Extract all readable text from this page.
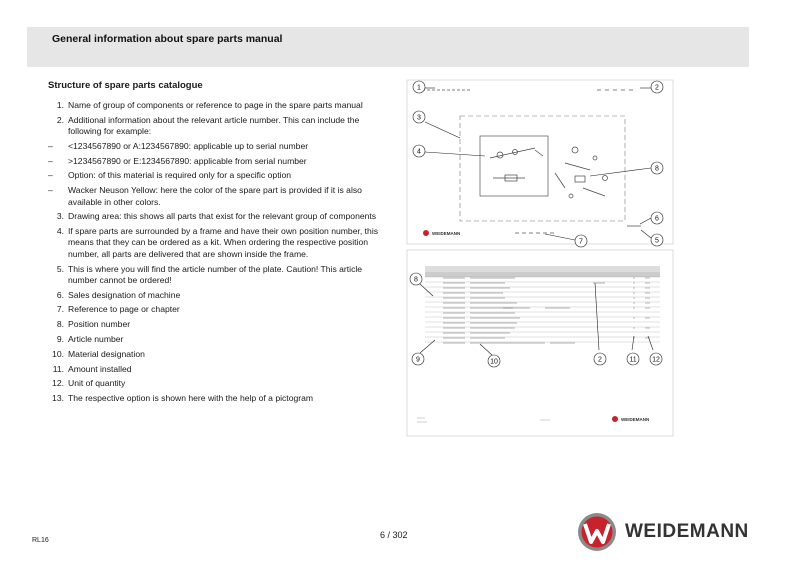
General information about spare parts manual
Structure of spare parts catalogue
1. Name of group of components or reference to page in the spare parts manual
2. Additional information about the relevant article number. This can include the following for example:
–	<1234567890 or A:1234567890: applicable up to serial number
–	>1234567890 or E:1234567890: applicable from serial number
–	Option: of this material is required only for a specific option
–	Wacker Neuson Yellow: here the color of the spare part is provided if it is also available in other colors.
3. Drawing area: this shows all parts that exist for the relevant group of components
4. If spare parts are surrounded by a frame and have their own position number, this means that they can be ordered as a kit. When ordering the respective position number, all parts are delivered that are shown inside the frame.
5. This is where you will find the article number of the plate. Caution! This article number cannot be ordered!
6. Sales designation of machine
7. Reference to page or chapter
8. Position number
9. Article number
10. Material designation
11. Amount installed
12. Unit of quantity
13. The respective option is shown here with the help of a pictogram
WEIDEMANN
WEIDEMANN
1	2
3
4
5
6
7
8
8
9	10	2	11 12
RL16
6 / 302	WEIDEMANN
